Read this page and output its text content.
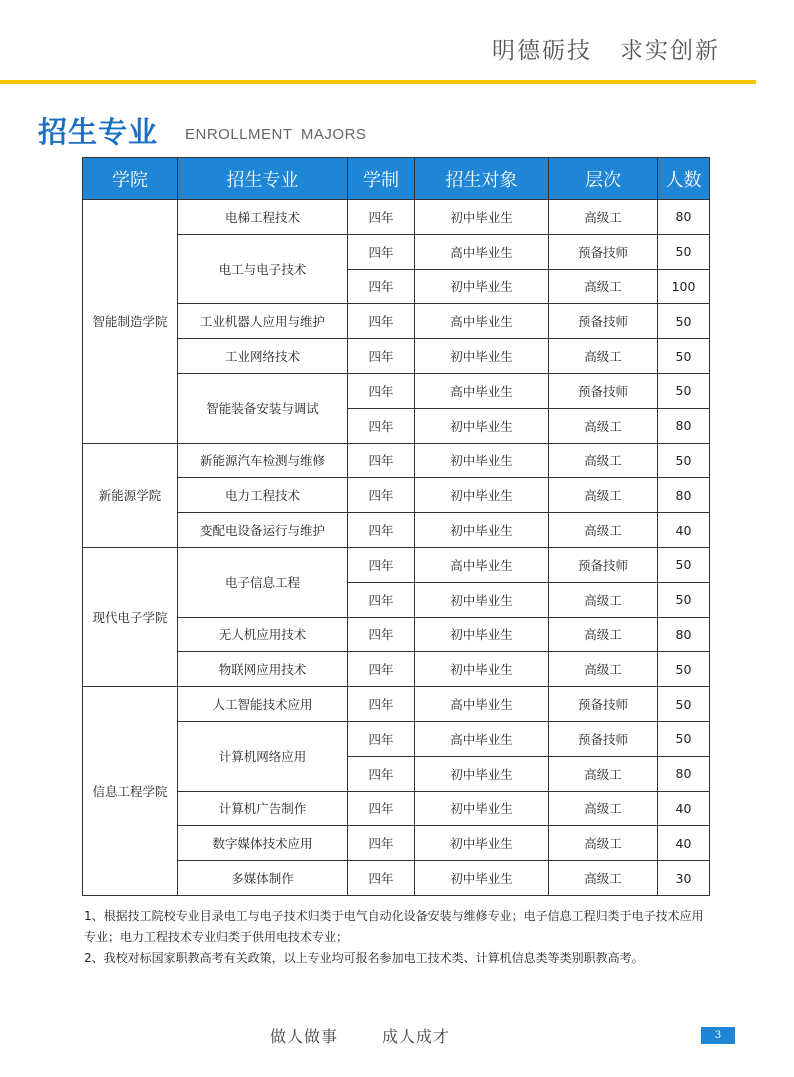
明德砺技 求实创新
招生专业 ENROLLMENT MAJORS
学院	招生专业	学制	招生对象	层次	人数
智能制造学院	电梯工程技术	四年	初中毕业生	高级工	80
	电工与电子技术	四年	高中毕业生	预备技师	50
		四年	初中毕业生	高级工	100
	工业机器人应用与维护	四年	高中毕业生	预备技师	50
	工业网络技术	四年	初中毕业生	高级工	50
	智能装备安装与调试	四年	高中毕业生	预备技师	50
		四年	初中毕业生	高级工	80
新能源学院	新能源汽车检测与维修	四年	初中毕业生	高级工	50
	电力工程技术	四年	初中毕业生	高级工	80
	变配电设备运行与维护	四年	初中毕业生	高级工	40
现代电子学院	电子信息工程	四年	高中毕业生	预备技师	50
		四年	初中毕业生	高级工	50
	无人机应用技术	四年	初中毕业生	高级工	80
	物联网应用技术	四年	初中毕业生	高级工	50
信息工程学院	人工智能技术应用	四年	高中毕业生	预备技师	50
	计算机网络应用	四年	高中毕业生	预备技师	50
		四年	初中毕业生	高级工	80
	计算机广告制作	四年	初中毕业生	高级工	40
	数字媒体技术应用	四年	初中毕业生	高级工	40
	多媒体制作	四年	初中毕业生	高级工	30

1、根据技工院校专业目录电工与电子技术归类于电气自动化设备安装与维修专业；电子信息工程归类于电子技术应用专业；电力工程技术专业归类于供用电技术专业；

2、我校对标国家职教高考有关政策，以上专业均可报名参加电工技术类、计算机信息类等类别职教高考。

做人做事	成人成才	3
